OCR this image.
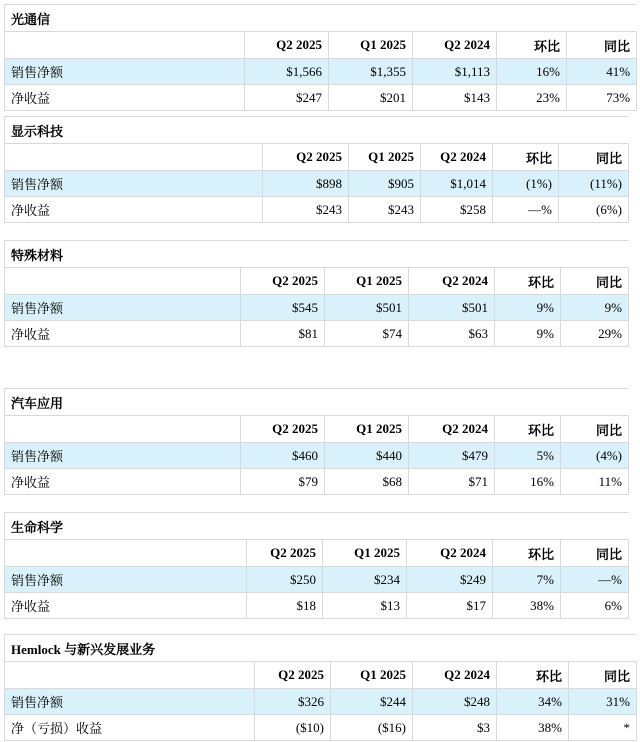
光通信					
	Q2 2025	Q1 2025	Q2 2024	环比	同比
销售净额	$1,566	$1,355	$1,113	16%	41%
净收益	$247	$201	$143	23%	73%
显示科技					
	Q2 2025	Q1 2025	Q2 2024	环比	同比
销售净额	$898	$905	$1,014	(1%)	(11%)
净收益	$243	$243	$258	—%	(6%)
特殊材料					
	Q2 2025	Q1 2025	Q2 2024	环比	同比
销售净额	$545	$501	$501	9%	9%
净收益	$81	$74	$63	9%	29%
汽车应用					
	Q2 2025	Q1 2025	Q2 2024	环比	同比
销售净额	$460	$440	$479	5%	(4%)
净收益	$79	$68	$71	16%	11%
生命科学					
	Q2 2025	Q1 2025	Q2 2024	环比	同比
销售净额	$250	$234	$249	7%	—%
净收益	$18	$13	$17	38%	6%
Hemlock 与新兴发展业务					
	Q2 2025	Q1 2025	Q2 2024	环比	同比
销售净额	$326	$244	$248	34%	31%
净（亏损）收益	($10)	($16)	$3	38%	*
